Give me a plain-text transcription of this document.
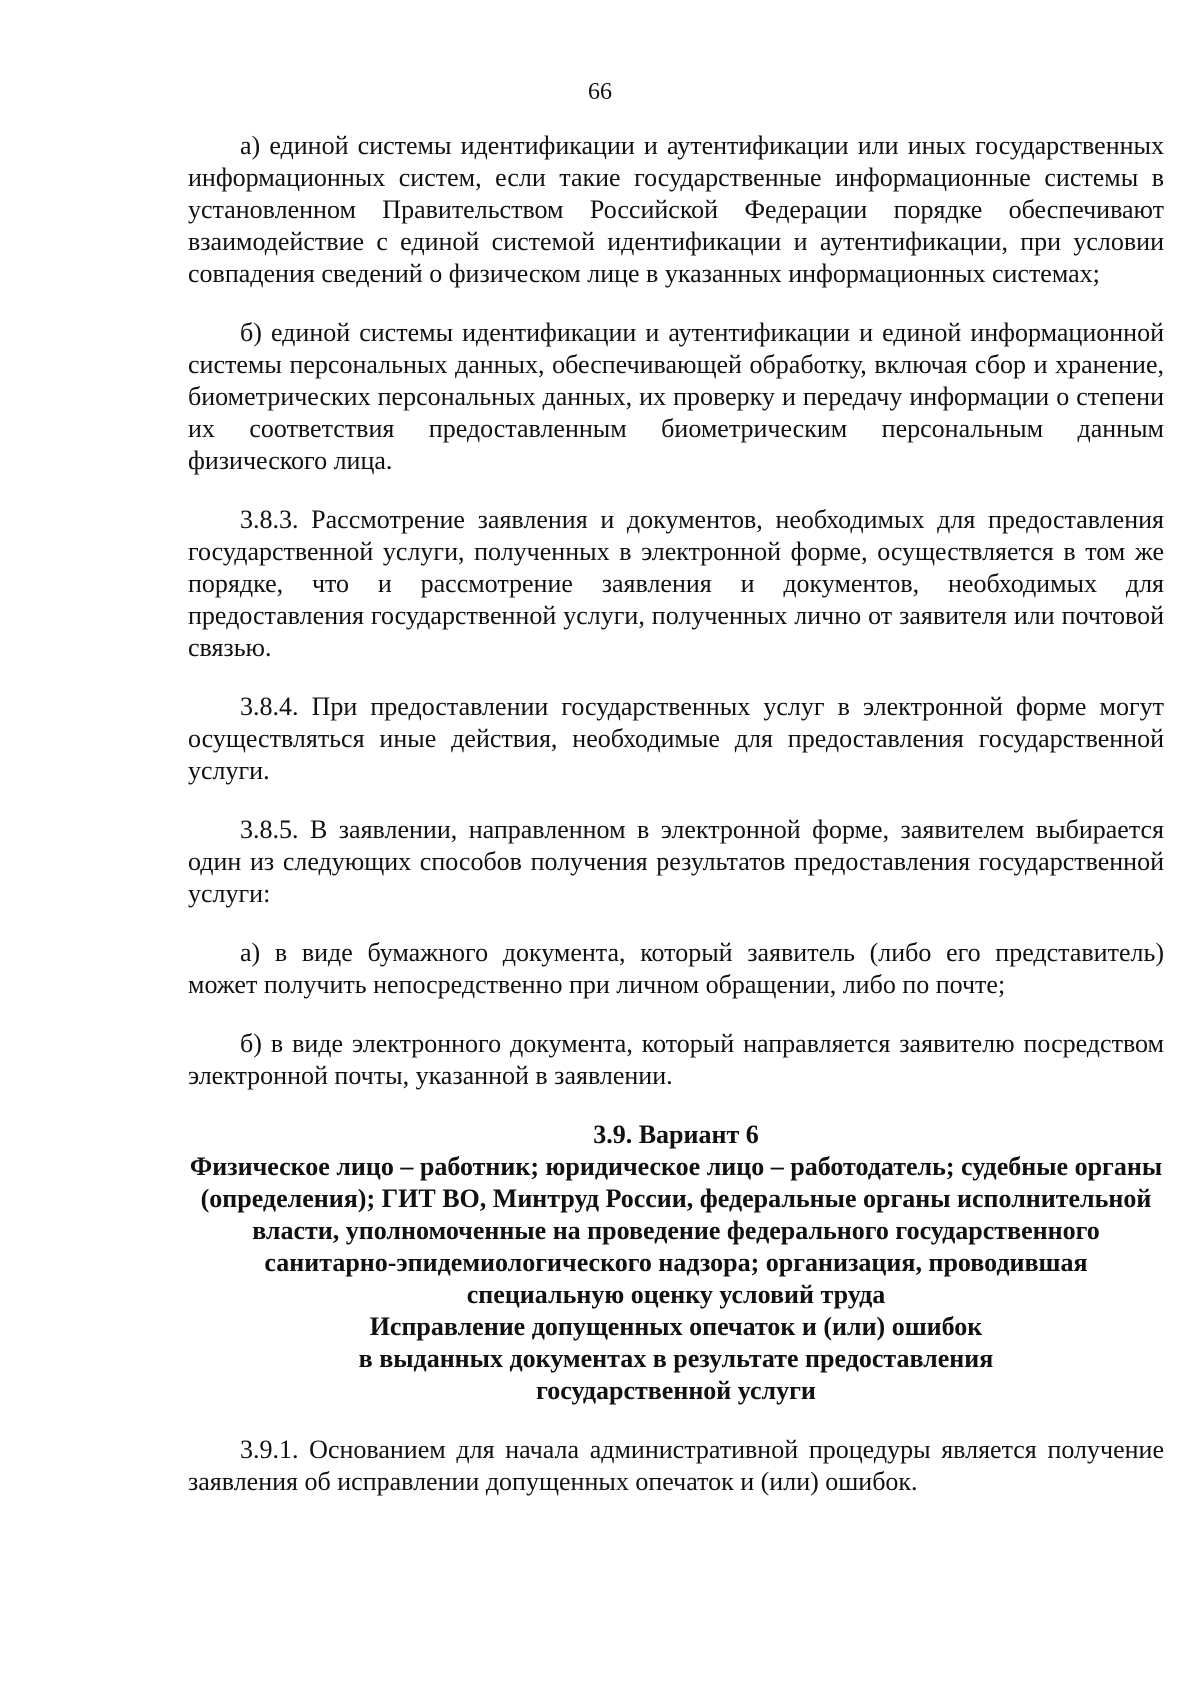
66

а) единой системы идентификации и аутентификации или иных государственных информационных систем, если такие государственные информационные системы в установленном Правительством Российской Федерации порядке обеспечивают взаимодействие с единой системой идентификации и аутентификации, при условии совпадения сведений о физическом лице в указанных информационных системах;

б) единой системы идентификации и аутентификации и единой информационной системы персональных данных, обеспечивающей обработку, включая сбор и хранение, биометрических персональных данных, их проверку и передачу информации о степени их соответствия предоставленным биометрическим персональным данным физического лица.

3.8.3. Рассмотрение заявления и документов, необходимых для предоставления государственной услуги, полученных в электронной форме, осуществляется в том же порядке, что и рассмотрение заявления и документов, необходимых для предоставления государственной услуги, полученных лично от заявителя или почтовой связью.

3.8.4. При предоставлении государственных услуг в электронной форме могут осуществляться иные действия, необходимые для предоставления государственной услуги.

3.8.5. В заявлении, направленном в электронной форме, заявителем выбирается один из следующих способов получения результатов предоставления государственной услуги:

а) в виде бумажного документа, который заявитель (либо его представитель) может получить непосредственно при личном обращении, либо по почте;

б) в виде электронного документа, который направляется заявителю посредством электронной почты, указанной в заявлении.

3.9. Вариант 6
Физическое лицо – работник; юридическое лицо – работодатель; судебные органы (определения); ГИТ ВО, Минтруд России, федеральные органы исполнительной власти, уполномоченные на проведение федерального государственного санитарно-эпидемиологического надзора; организация, проводившая специальную оценку условий труда
Исправление допущенных опечаток и (или) ошибок
в выданных документах в результате предоставления
государственной услуги

3.9.1. Основанием для начала административной процедуры является получение заявления об исправлении допущенных опечаток и (или) ошибок.
